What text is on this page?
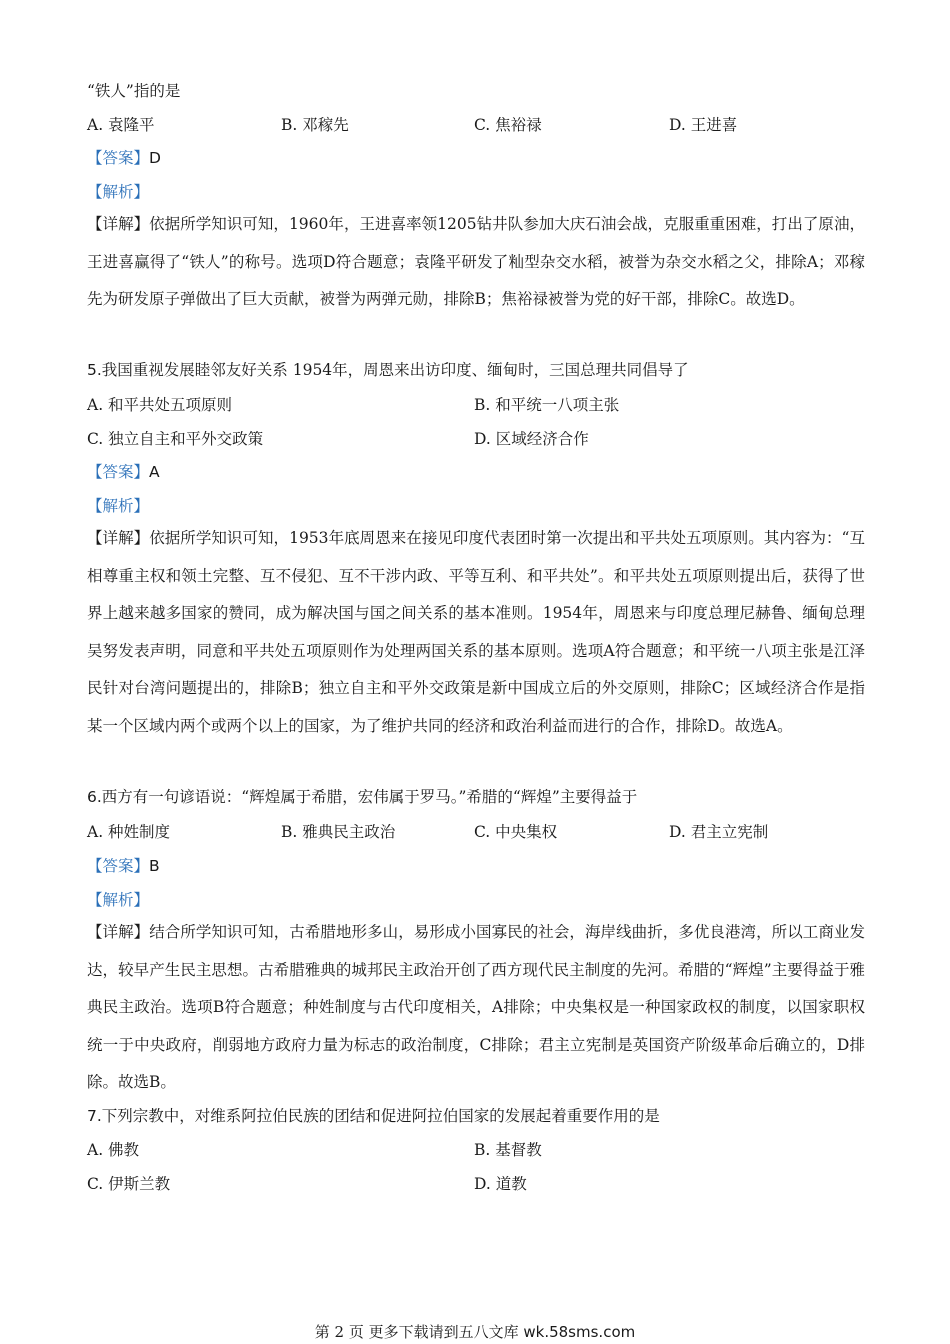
“铁人”指的是
A. 袁隆平	B. 邓稼先	C. 焦裕禄	D. 王进喜
【答案】D
【解析】
【详解】依据所学知识可知，1960年，王进喜率领1205钻井队参加大庆石油会战，克服重重困难，打出了原油，王进喜赢得了“铁人”的称号。选项D符合题意；袁隆平研发了籼型杂交水稻，被誉为杂交水稻之父，排除A；邓稼先为研发原子弹做出了巨大贡献，被誉为两弹元勋，排除B；焦裕禄被誉为党的好干部，排除C。故选D。
5.我国重视发展睦邻友好关系 1954年，周恩来出访印度、缅甸时，三国总理共同倡导了
A. 和平共处五项原则	B. 和平统一八项主张
C. 独立自主和平外交政策	D. 区域经济合作
【答案】A
【解析】
【详解】依据所学知识可知，1953年底周恩来在接见印度代表团时第一次提出和平共处五项原则。其内容为：“互相尊重主权和领土完整、互不侵犯、互不干涉内政、平等互利、和平共处”。和平共处五项原则提出后，获得了世界上越来越多国家的赞同，成为解决国与国之间关系的基本准则。1954年，周恩来与印度总理尼赫鲁、缅甸总理吴努发表声明，同意和平共处五项原则作为处理两国关系的基本原则。选项A符合题意；和平统一八项主张是江泽民针对台湾问题提出的，排除B；独立自主和平外交政策是新中国成立后的外交原则，排除C；区域经济合作是指某一个区域内两个或两个以上的国家，为了维护共同的经济和政治利益而进行的合作，排除D。故选A。
6.西方有一句谚语说：“辉煌属于希腊，宏伟属于罗马。”希腊的“辉煌”主要得益于
A. 种姓制度	B. 雅典民主政治	C. 中央集权	D. 君主立宪制
【答案】B
【解析】
【详解】结合所学知识可知，古希腊地形多山，易形成小国寡民的社会，海岸线曲折，多优良港湾，所以工商业发达，较早产生民主思想。古希腊雅典的城邦民主政治开创了西方现代民主制度的先河。希腊的“辉煌”主要得益于雅典民主政治。选项B符合题意；种姓制度与古代印度相关，A排除；中央集权是一种国家政权的制度，以国家职权统一于中央政府，削弱地方政府力量为标志的政治制度，C排除；君主立宪制是英国资产阶级革命后确立的，D排除。故选B。
7.下列宗教中，对维系阿拉伯民族的团结和促进阿拉伯国家的发展起着重要作用的是
A. 佛教	B. 基督教
C. 伊斯兰教	D. 道教
第 2 页 更多下载请到五八文库 wk.58sms.com
